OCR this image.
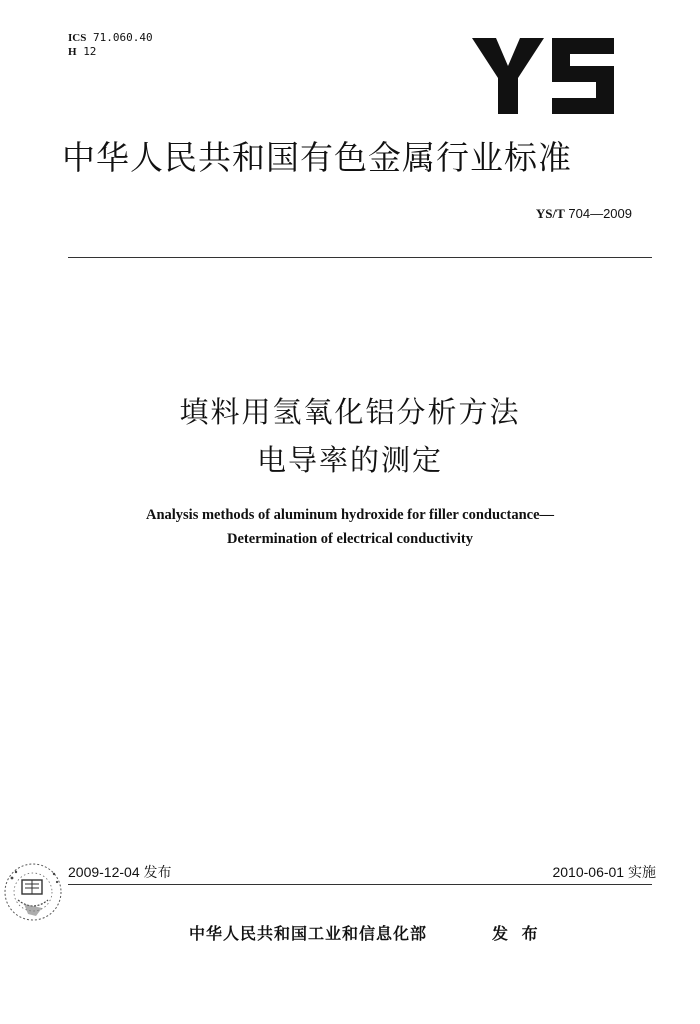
ICS 71.060.40
H 12
中华人民共和国有色金属行业标准
YS/T 704—2009
填料用氢氧化铝分析方法
电导率的测定
Analysis methods of aluminum hydroxide for filler conductance—
Determination of electrical conductivity
2009-12-04 发布	2010-06-01 实施
中华人民共和国工业和信息化部	发 布
